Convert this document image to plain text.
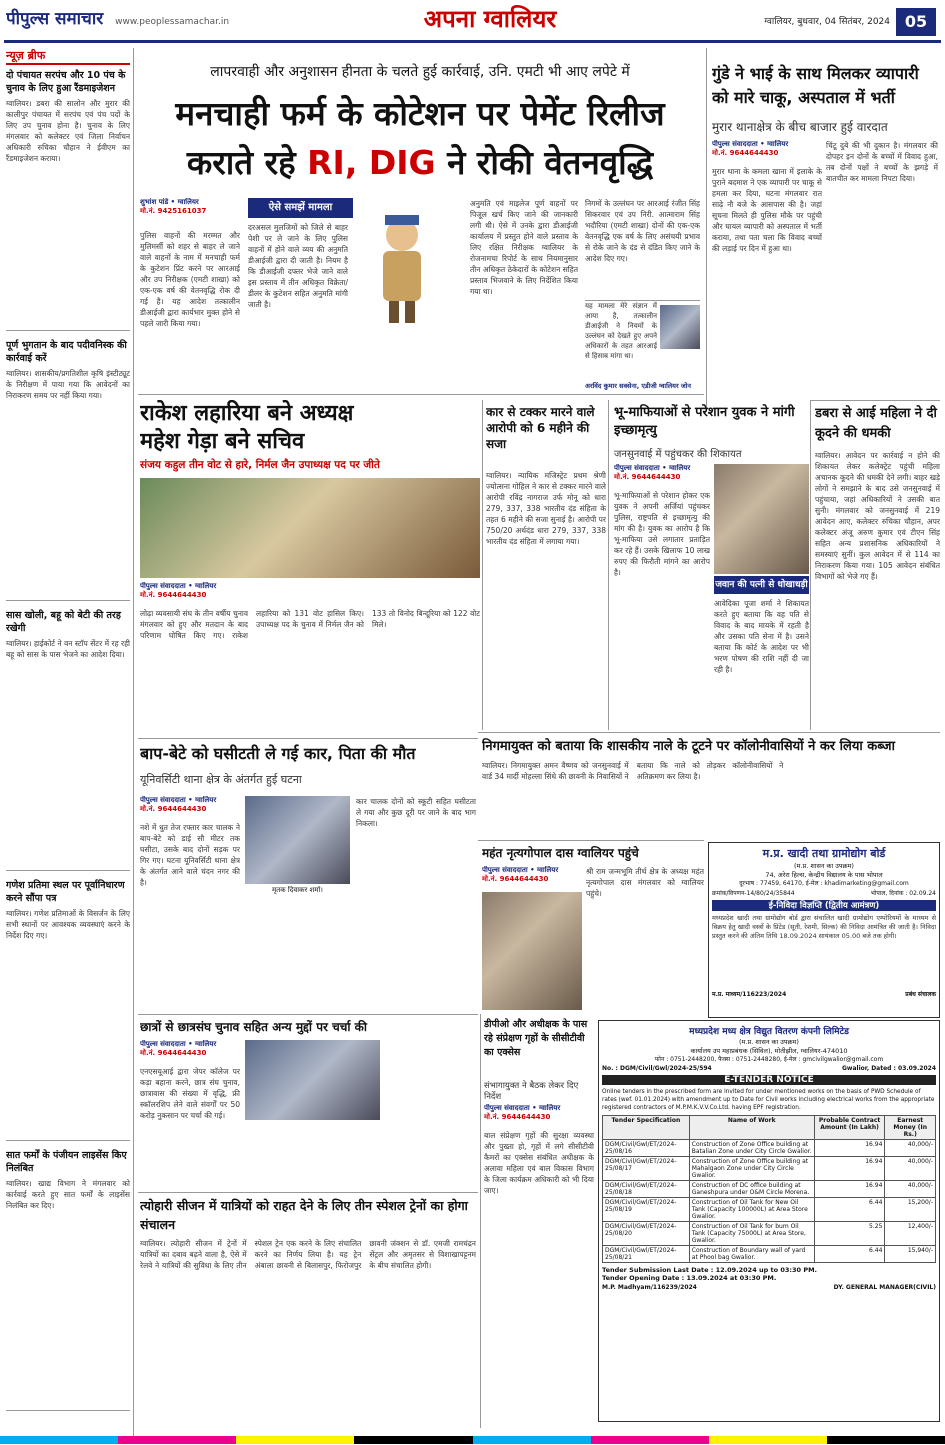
पीपुल्स समाचार www.peoplessamachar.in	अपना ग्वालियर	ग्वालियर, बुधवार, 04 सितंबर, 2024 05
न्यूज़ ब्रीफ
दो पंचायत सरपंच और 10 पंच के चुनाव के लिए हुआ रैंडमाइजेशन
ग्वालियर। डबरा की सालोन और मुरार की कालीपुर पंचायत में सरपंच एवं पंच पदों के लिए उप चुनाव होना है। चुनाव के लिए मंगलवार को कलेक्टर एवं जिला निर्वाचन अधिकारी रुचिका चौहान ने ईवीएम का रैंडमाइजेशन कराया।
पूर्ण भुगतान के बाद पदीवनिस्क की कार्रवाई करें
ग्वालियर। शासकीय/प्रगतिशील कृषि इंस्टीट्यूट के निरीक्षण में पाया गया कि आवेदनों का निराकरण समय पर नहीं किया गया।
सास खोली, बहू को बेटी की तरह रखेगी
ग्वालियर। हाईकोर्ट ने वन स्टॉप सेंटर में रह रही बहू को सास के पास भेजने का आदेश दिया।
गणेश प्रतिमा स्थल पर पूर्वानिधारण करने सौंपा पत्र
ग्वालियर। गणेश प्रतिमाओं के विसर्जन के लिए सभी स्थानों पर आवश्यक व्यवस्थाएं करने के निर्देश दिए गए।
सात फर्मों के पंजीयन लाइसेंस किए निलंबित
ग्वालियर। खाद्य विभाग ने मंगलवार को कार्रवाई करते हुए सात फर्मों के लाइसेंस निलंबित कर दिए।
लापरवाही और अनुशासन हीनता के चलते हुई कार्रवाई, उनि. एमटी भी आए लपेटे में
मनचाही फर्म के कोटेशन पर पेमेंट रिलीज
कराते रहे RI, DIG ने रोकी वेतनवृद्धि
शुभांश पांडे • ग्वालियर
मो.नं. 9425161037
पुलिस वाहनों की मरम्मत और मुलिमर्सी को शहर से बाहर ले जाने वाले वाहनों के नाम में मनचाही फर्म के कुटेशन प्रिंट करने पर आरआई और उप निरीक्षक (एमटी शाखा) को एक-एक वर्ष की वेतनवृद्धि रोक दी गई है। यह आदेश तत्कालीन डीआईजी द्वारा कार्यभार मुक्त होने से पहले जारी किया गया।
ऐसे समझें मामला
दरअसल मुलजिमों को जिले से बाहर पेशी पर ले जाने के लिए पुलिस वाहनों में होने वाले व्यय की अनुमति डीआईजी द्वारा दी जाती है। नियम है कि डीआईजी दफ्तर भेजे जाने वाले इस प्रस्ताव में तीन अधिकृत विक्रेता/डीलर के कुटेशन सहित अनुमति मांगी जाती है।
अनुमति एवं माइलेज पूर्ण वाहनों पर पिजूल खर्च किए जाने की जानकारी लगी थी। ऐसे में उनके द्वारा डीआईजी कार्यालय में प्रस्तुत होने वाले प्रस्ताव के लिए रक्षित निरीक्षक ग्वालियर के रोजनामचा रिपोर्ट के साथ नियमानुसार तीन अधिकृत ठेकेदारों के कोटेशन सहित प्रस्ताव भिजवाने के लिए निर्देशित किया गया था।
निगमों के उल्लंघन पर आरआई रंजीत सिंह सिकरवार एवं उप निरी. आत्माराम सिंह भदौरिया (एमटी शाखा) दोनों की एक-एक वेतनवृद्धि एक वर्ष के लिए असंचयी प्रभाव से रोके जाने के दंड से दंडित किए जाने के आदेश दिए गए।
यह मामला मेरे संज्ञान में आया है, तत्कालीन डीआईजी ने नियमों के उल्लंघन को देखते हुए अपने अधिकारों के तहत आरआई से हिसाब मांगा था।
अरविंद कुमार सक्सेना, एडीजी ग्वालियर जोन
गुंडे ने भाई के साथ मिलकर व्यापारी को मारे चाकू, अस्पताल में भर्ती
मुरार थानाक्षेत्र के बीच बाजार हुई वारदात
पीपुल्स संवाददाता • ग्वालियर
मो.नं. 9644644430
मुरार थाना के कमला खाना में इलाके के पुराने बदमाश ने एक व्यापारी पर चाकू से हमला कर दिया, घटना मंगलवार रात साढ़े नौ बजे के आसपास की है। जहां सूचना मिलते ही पुलिस मौके पर पहुंची और घायल व्यापारी को अस्पताल में भर्ती कराया, तथा पता चला कि विवाद बच्चों की लड़ाई पर दिन में हुआ था।
चिंटू दुबे की भी दुकान है। मंगलवार की दोपहर इन दोनों के बच्चों में विवाद हुआ, तब दोनों पक्षों ने बच्चों के झगड़े में बातचीत कर मामला निपटा दिया।
डबरा से आई महिला ने दी कूदने की धमकी
ग्वालियर। आवेदन पर कार्रवाई न होने की शिकायत लेकर कलेक्ट्रेट पहुंची महिला अचानक कूदने की धमकी देने लगी। बाहर खड़े लोगों ने समझाने के बाद उसे जनसुनवाई में पहुंचाया, जहां अधिकारियों ने उसकी बात सुनी। मंगलवार को जनसुनवाई में 219 आवेदन आए, कलेक्टर रुचिका चौहान, अपर कलेक्टर अंजू अरुण कुमार एवं टीएन सिंह सहित अन्य प्रशासनिक अधिकारियों ने समस्याएं सुनीं। कुल आवेदन में से 114 का निराकरण किया गया। 105 आवेदन संबंधित विभागों को भेजे गए हैं।
राकेश लहारिया बने अध्यक्ष
महेश गेड़ा बने सचिव
संजय कहुल तीन वोट से हारे, निर्मल जैन उपाध्यक्ष पद पर जीते
पीपुल्स संवाददाता • ग्वालियर
मो.नं. 9644644430
लोढ़ा व्यवसायी संघ के तीन वर्षीय चुनाव मंगलवार को हुए और मतदान के बाद परिणाम घोषित किए गए। राकेश लहारिया को 131 वोट हासिल किए। उपाध्यक्ष पद के चुनाव में निर्मल जैन को 133 तो विनोद बिन्दूरिया को 122 वोट मिले।
कार से टक्कर मारने वाले आरोपी को 6 महीने की सजा
ग्वालियर। न्यायिक मजिस्ट्रेट प्रथम श्रेणी ज्योत्सना गोहिल ने कार से टक्कर मारने वाले आरोपी रविंद्र नागराज उर्फ मोनू को धारा 279, 337, 338 भारतीय दंड संहिता के तहत 6 महीने की सजा सुनाई है। आरोपी पर 750/20 अर्थदंड धारा 279, 337, 338 भारतीय दंड संहिता में लगाया गया।
भू-माफियाओं से परेशान युवक ने मांगी इच्छामृत्यु
जनसुनवाई में पहुंचकर की शिकायत
पीपुल्स संवाददाता • ग्वालियर
मो.नं. 9644644430
भू-माफियाओं से परेशान होकर एक युवक ने अपनी अर्जियां पहुंचकर पुलिस, राष्ट्रपति से इच्छामृत्यु की मांग की है। युवक का आरोप है कि भू-माफिया उसे लगातार प्रताड़ित कर रहे हैं। उसके खिलाफ 10 लाख रुपए की फिरौती मांगने का आरोप है।
जवान की पत्नी से धोखाधड़ी
आवेदिका पूजा शर्मा ने शिकायत करते हुए बताया कि वह पति से विवाद के बाद मायके में रहती है और उसका पति सेना में है। उसने बताया कि कोर्ट के आदेश पर भी भरण पोषण की राशि नहीं दी जा रही है।
निगमायुक्त को बताया कि शासकीय नाले के टूटने पर कॉलोनीवासियों ने कर लिया कब्जा
ग्वालियर। निगमायुक्त अमन वैष्णव को जनसुनवाई में वार्ड 34 मार्दी मोहल्ला सिंधे की छावनी के निवासियों ने बताया कि नाले को तोड़कर कॉलोनीवासियों ने अतिक्रमण कर लिया है।
बाप-बेटे को घसीटती ले गई कार, पिता की मौत
यूनिवर्सिटी थाना क्षेत्र के अंतर्गत हुई घटना
पीपुल्स संवाददाता • ग्वालियर
मो.नं. 9644644430
नशे में धुत तेज रफ्तार कार चालक ने बाप-बेटे को डाई सौ मीटर तक घसीटा, उसके बाद दोनों सड़क पर गिर गए। घटना यूनिवर्सिटी थाना क्षेत्र के अंतर्गत आने वाले चंदन नगर की है।
मृतक दिवाकर शर्मा।
कार चालक दोनों को स्कूटी सहित घसीटता ले गया और कुछ दूरी पर जाने के बाद भाग निकला।
महंत नृत्यगोपाल दास ग्वालियर पहुंचे
पीपुल्स संवाददाता • ग्वालियर
मो.नं. 9644644430
श्री राम जन्मभूमि तीर्थ क्षेत्र के अध्यक्ष महंत नृत्यगोपाल दास मंगलवार को ग्वालियर पहुंचे।
म.प्र. खादी तथा ग्रामोद्योग बोर्ड
(म.प्र. शासन का उपक्रम)
74, अरेरा हिल्स, केन्द्रीय विद्यालय के पास भोपाल
दूरभाष : 77459, 64170, ई-मेल : khadimarketing@gmail.com
क्रमांक/विपणन-14/80/24/35844	भोपाल, दिनांक : 02.09.24
ई-निविदा विज्ञप्ति (द्वितीय आमंत्रण)
मध्यप्रदेश खादी तथा ग्रामोद्योग बोर्ड द्वारा संचालित खादी ग्रामोद्योग एम्पोरियमों के माध्यम से विक्रय हेतु खादी वस्त्रों के प्रिंटेड (सूती, रेशमी, सिल्क) की निविदा आमंत्रित की जाती है। निविदा प्रस्तुत करने की अंतिम तिथि 18.09.2024 सायंकाल 05.00 बजे तक होगी।
म.प्र. माध्यम/116223/2024	प्रबंध संचालक
छात्रों से छात्रसंघ चुनाव सहित अन्य मुद्दों पर चर्चा की
पीपुल्स संवाददाता • ग्वालियर
मो.नं. 9644644430
एनएसयूआई द्वारा जेपर कॉलेज पर कड़ा बहाना करने, छात्र संघ चुनाव, छात्रावास की संख्या में वृद्धि, फ्री स्कॉलरशिप लेने वाले संवर्गों पर 50 करोड़ नुकसान पर चर्चा की गई।
त्योहारी सीजन में यात्रियों को राहत देने के लिए तीन स्पेशल ट्रेनों का होगा संचालन
ग्वालियर। त्योहारी सीजन में ट्रेनों में यात्रियों का दबाव बढ़ने वाला है, ऐसे में रेलवे ने यात्रियों की सुविधा के लिए तीन स्पेशल ट्रेन एक करने के लिए संचालित करने का निर्णय लिया है। यह ट्रेन अंबाला छावनी से बिलासपुर, फिरोजपुर छावनी जंक्शन से डॉ. एमजी रामचंद्रन सेंट्रल और अमृतसर से विशाखापट्टनम के बीच संचालित होगी।
डीपीओ और अधीक्षक के पास रहे संप्रेक्षण गृहों के सीसीटीवी का एक्सेस
संभागायुक्त ने बैठक लेकर दिए निर्देश
पीपुल्स संवाददाता • ग्वालियर
मो.नं. 9644644430
बाल संप्रेक्षण गृहों की सुरक्षा व्यवस्था और पुख्ता हो, गृहों में लगे सीसीटीवी कैमरों का एक्सेस संबंधित अधीक्षक के अलावा महिला एवं बाल विकास विभाग के जिला कार्यक्रम अधिकारी को भी दिया जाए।
मध्यप्रदेश मध्य क्षेत्र विद्युत वितरण कंपनी लिमिटेड
(म.प्र. शासन का उपक्रम)
कार्यालय उप महाप्रबंधक (सिविल), मोतीझील, ग्वालियर-474010
फोन : 0751-2448200, फैक्स : 0751-2448280, ई-मेल : gmcivilgwalior@gmail.com
No. : DGM/Civil/Gwl/2024-25/594	Gwalior, Dated : 03.09.2024
E-TENDER NOTICE
Online tenders in the prescribed form are invited for under mentioned works on the basis of PWD Schedule of rates (wef. 01.01.2024) with amendment up to Date for Civil works including electrical works from the appropriate registered contractors of M.P.M.K.V.V.Co.Ltd. having EPF registration.
Tender Specification	Name of Work	Probable Contract Amount (In Lakh)	Earnest Money (In Rs.)
DGM/Civil/Gwl/ET/2024-25/08/16	Construction of Zone Office building at Batalian Zone under City Circle Gwalior.	16.94	40,000/-
DGM/Civil/Gwl/ET/2024-25/08/17	Construction of Zone Office building at Mahalgaon Zone under City Circle Gwalior.	16.94	40,000/-
DGM/Civil/Gwl/ET/2024-25/08/18	Construction of DC office building at Ganeshpura under O&M Circle Morena.	16.94	40,000/-
DGM/Civil/Gwl/ET/2024-25/08/19	Construction of Oil Tank for New Oil Tank (Capacity 100000L) at Area Store Gwalior.	6.44	15,200/-
DGM/Civil/Gwl/ET/2024-25/08/20	Construction of Oil Tank for bum Oil Tank (Capacity 75000L) at Area Store, Gwalior.	5.25	12,400/-
DGM/Civil/Gwl/ET/2024-25/08/21	Construction of Boundary wall of yard at Phool bag Gwalior.	6.44	15,940/-
Tender Submission Last Date : 12.09.2024 up to 03:30 PM.
Tender Opening Date : 13.09.2024 at 03:30 PM.
M.P. Madhyam/116239/2024	DY. GENERAL MANAGER(CIVIL)
